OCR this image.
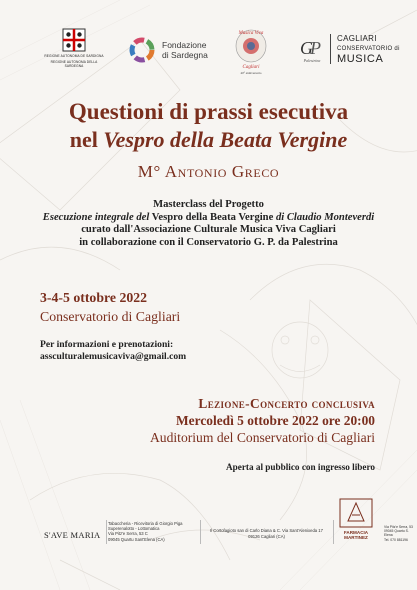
REGIONE AUTONOMA DE SARDIGNA
REGIONE AUTONOMA DELLA SARDEGNA
Fondazione
di Sardegna
Musica Viva
Cagliari
40° anniversario
G
P
Palestrina
CAGLIARI
CONSERVATORIO di
MUSICA
Questioni di prassi esecutiva
nel Vespro della Beata Vergine
M° Antonio Greco
Masterclass del Progetto
Esecuzione integrale del Vespro della Beata Vergine di Claudio Monteverdi
curato dall'Associazione Culturale Musica Viva Cagliari
in collaborazione con il Conservatorio G. P. da Palestrina
3-4-5 ottobre 2022
Conservatorio di Cagliari
Per informazioni e prenotazioni:
assculturalemusicaviva@gmail.com
Lezione-Concerto conclusiva
Mercoledì 5 ottobre 2022 ore 20:00
Auditorium del Conservatorio di Cagliari
Aperta al pubblico con ingresso libero
S'AVE MARIA
Tabaccheria - Ricevitoria di Giorgio Piga
Superenalotto - Lottomatica
Via Pitz'e Serra, 53 C
09045 Quartu Sant'Elena (CA)
Il Cortofagioto san di Carlo Diana & C. Via Sant'Alenixeda 17
09126 Cagliari (CA)
FARMACIA
MARTINEZ
Via Pitz'e Serra, 53
09045 Quartu S. Elena
Tel. 070 881196
